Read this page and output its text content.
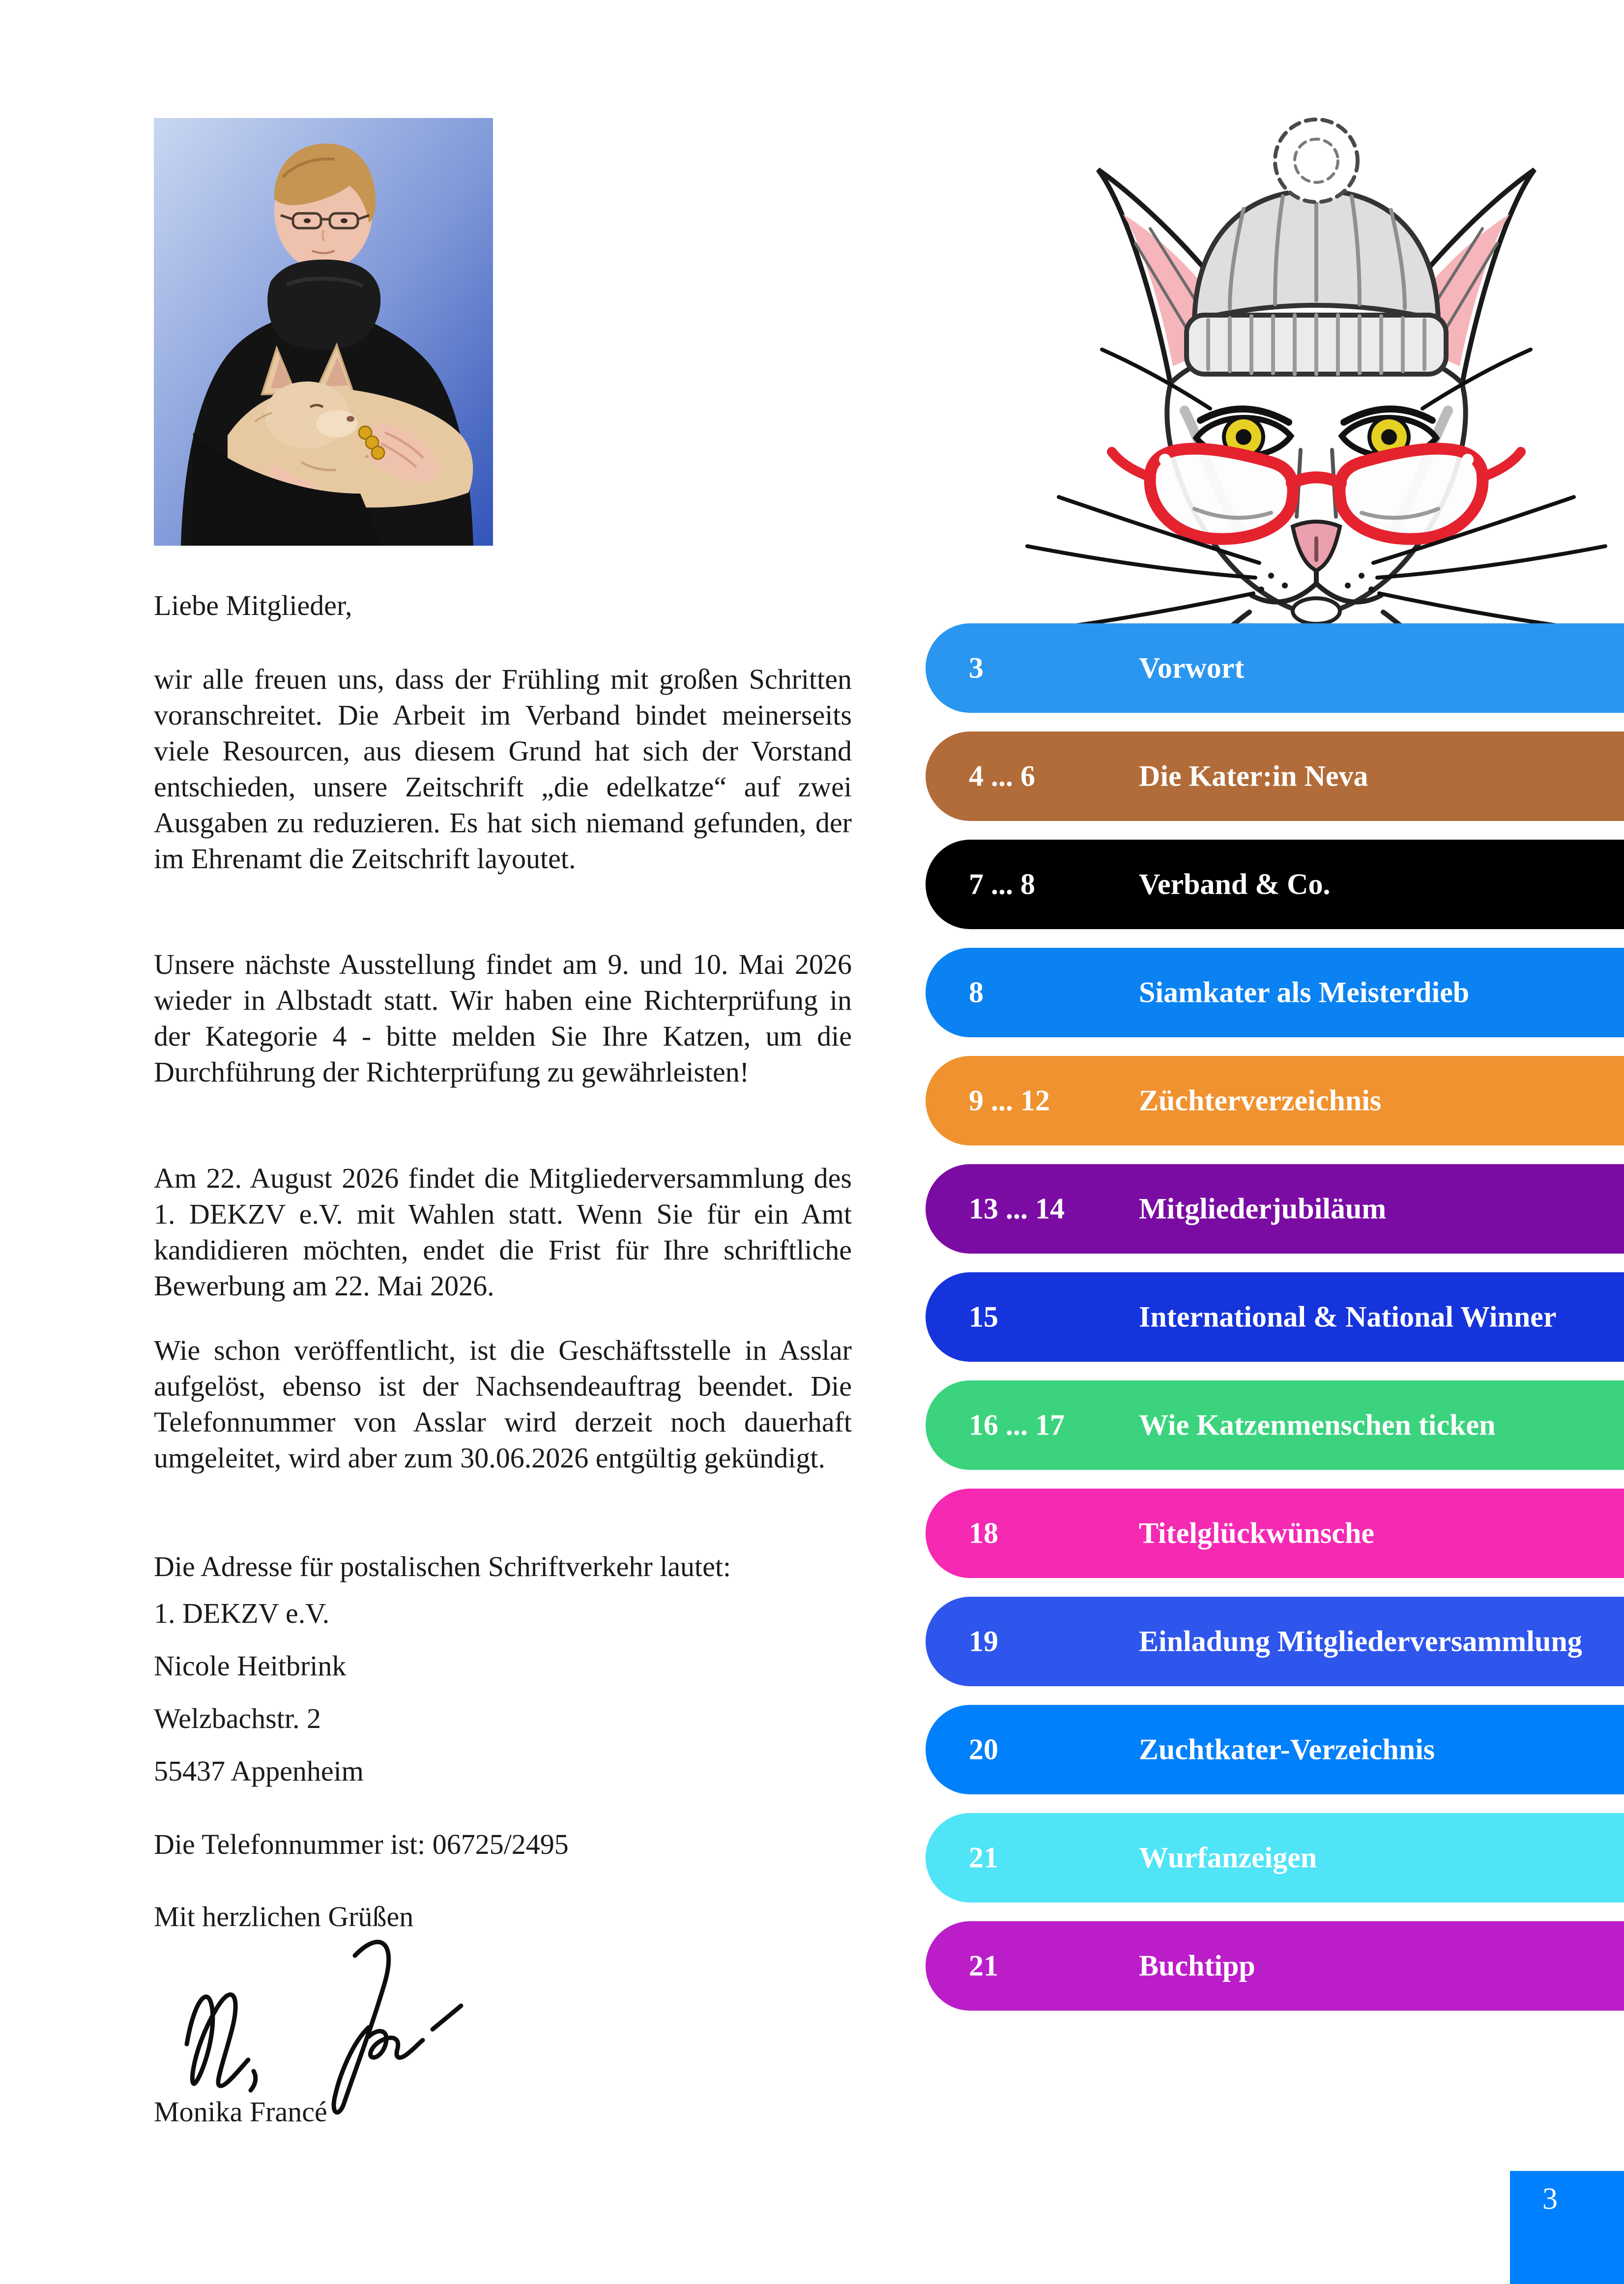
Liebe Mitglieder,

wir alle freuen uns, dass der Frühling mit großen Schritten voranschreitet. Die Arbeit im Verband bindet meinerseits viele Resourcen, aus diesem Grund hat sich der Vorstand entschieden, unsere Zeitschrift „die edelkatze“ auf zwei Ausgaben zu reduzieren. Es hat sich niemand gefunden, der im Ehrenamt die Zeitschrift layoutet.

Unsere nächste Ausstellung findet am 9. und 10. Mai 2026 wieder in Albstadt statt. Wir haben eine Richterprüfung in der Kategorie 4 - bitte melden Sie Ihre Katzen, um die Durchführung der Richterprüfung zu gewährleisten!

Am 22. August 2026 findet die Mitgliederversammlung des 1. DEKZV e.V. mit Wahlen statt. Wenn Sie für ein Amt kandidieren möchten, endet die Frist für Ihre schriftliche Bewerbung am 22. Mai 2026.

Wie schon veröffentlicht, ist die Geschäftsstelle in Asslar aufgelöst, ebenso ist der Nachsendeauftrag beendet. Die Telefonnummer von Asslar wird derzeit noch dauerhaft umgeleitet, wird aber zum 30.06.2026 entgültig gekündigt.

Die Adresse für postalischen Schriftverkehr lautet:
1. DEKZV e.V.
Nicole Heitbrink
Welzbachstr. 2
55437 Appenheim
Die Telefonnummer ist: 06725/2495
Mit herzlichen Grüßen
Monika Francé
3	Vorwort
4 ... 6	Die Kater:in Neva
7 ... 8	Verband & Co.
8	Siamkater als Meisterdieb
9 ... 12	Züchterverzeichnis
13 ... 14	Mitgliederjubiläum
15	International & National Winner
16 ... 17	Wie Katzenmenschen ticken
18	Titelglückwünsche
19	Einladung Mitgliederversammlung
20	Zuchtkater-Verzeichnis
21	Wurfanzeigen
21	Buchtipp
3
